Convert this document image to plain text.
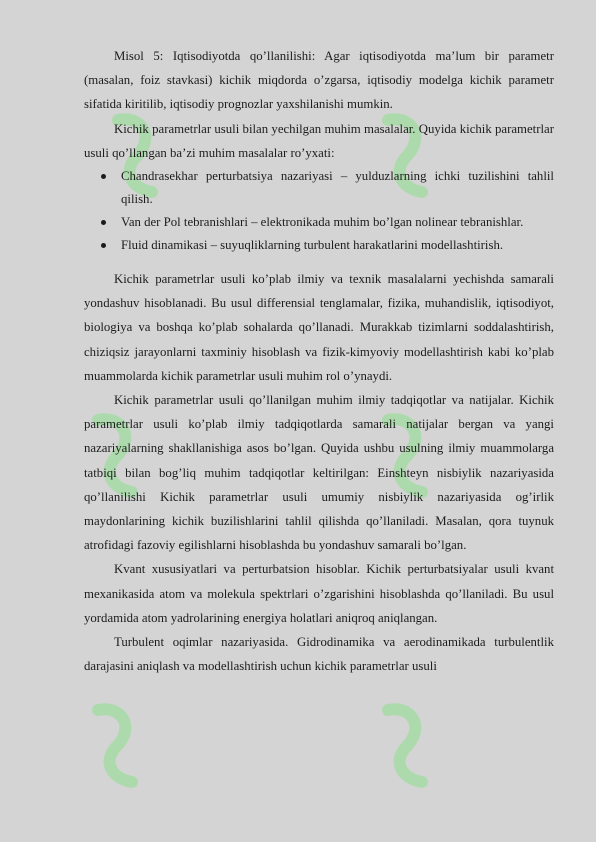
Misol 5: Iqtisodiyotda qo’llanilishi: Agar iqtisodiyotda ma’lum bir parametr (masalan, foiz stavkasi) kichik miqdorda o’zgarsa, iqtisodiy modelga kichik parametr sifatida kiritilib, iqtisodiy prognozlar yaxshilanishi mumkin.

Kichik parametrlar usuli bilan yechilgan muhim masalalar. Quyida kichik parametrlar usuli qo’llangan ba’zi muhim masalalar ro’yxati:

Chandrasekhar perturbatsiya nazariyasi – yulduzlarning ichki tuzilishini tahlil qilish.
Van der Pol tebranishlari – elektronikada muhim bo’lgan nolinear tebranishlar.
Fluid dinamikasi – suyuqliklarning turbulent harakatlarini modellashtirish.

Kichik parametrlar usuli ko’plab ilmiy va texnik masalalarni yechishda samarali yondashuv hisoblanadi. Bu usul differensial tenglamalar, fizika, muhandislik, iqtisodiyot, biologiya va boshqa ko’plab sohalarda qo’llanadi. Murakkab tizimlarni soddalashtirish, chiziqsiz jarayonlarni taxminiy hisoblash va fizik-kimyoviy modellashtirish kabi ko’plab muammolarda kichik parametrlar usuli muhim rol o’ynaydi.

Kichik parametrlar usuli qo’llanilgan muhim ilmiy tadqiqotlar va natijalar. Kichik parametrlar usuli ko’plab ilmiy tadqiqotlarda samarali natijalar bergan va yangi nazariyalarning shakllanishiga asos bo’lgan. Quyida ushbu usulning ilmiy muammolarga tatbiqi bilan bog’liq muhim tadqiqotlar keltirilgan: Einshteyn nisbiylik nazariyasida qo’llanilishi Kichik parametrlar usuli umumiy nisbiylik nazariyasida og’irlik maydonlarining kichik buzilishlarini tahlil qilishda qo’llaniladi. Masalan, qora tuynuk atrofidagi fazoviy egilishlarni hisoblashda bu yondashuv samarali bo’lgan.

Kvant xususiyatlari va perturbatsion hisoblar. Kichik perturbatsiyalar usuli kvant mexanikasida atom va molekula spektrlari o’zgarishini hisoblashda qo’llaniladi. Bu usul yordamida atom yadrolarining energiya holatlari aniqroq aniqlangan.

Turbulent oqimlar nazariyasida. Gidrodinamika va aerodinamikada turbulentlik darajasini aniqlash va modellashtirish uchun kichik parametrlar usuli
